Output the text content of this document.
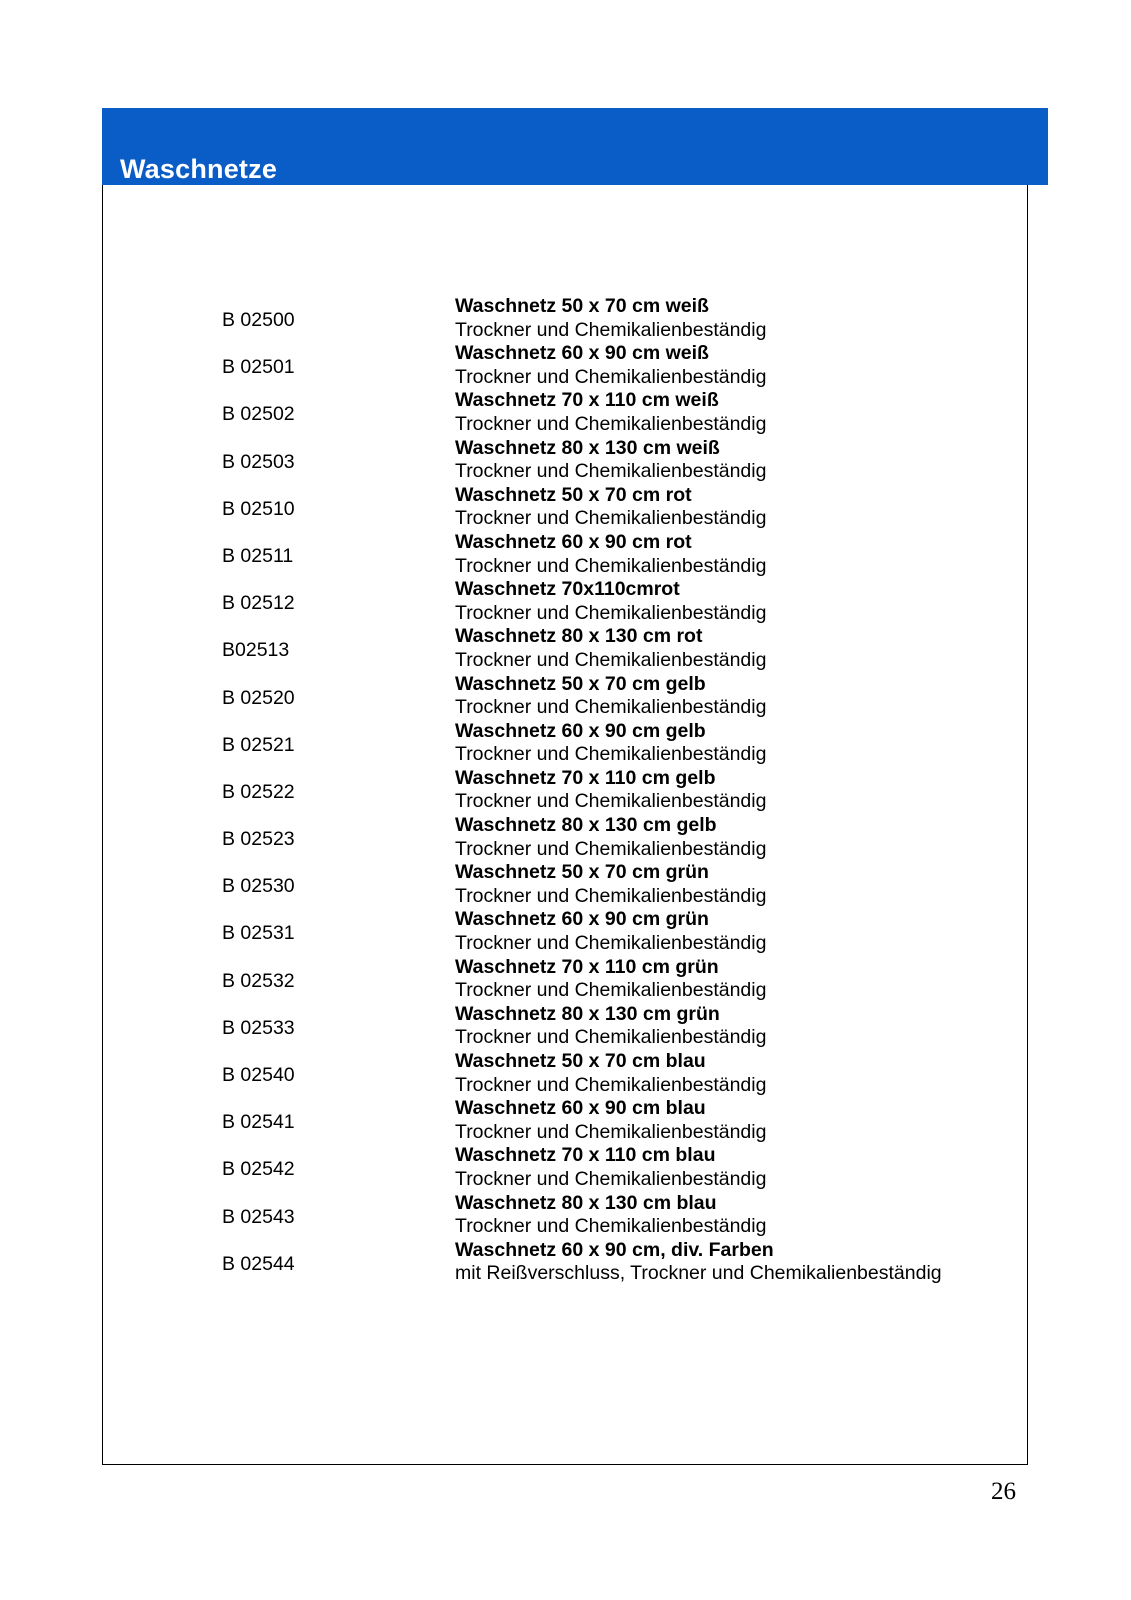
B 02500
Waschnetz 50 x 70 cm weiß
Trockner und Chemikalienbeständig
B 02501
Waschnetz 60 x 90 cm weiß
Trockner und Chemikalienbeständig
B 02502
Waschnetz 70 x 110 cm weiß
Trockner und Chemikalienbeständig
B 02503
Waschnetz 80 x 130 cm weiß
Trockner und Chemikalienbeständig
B 02510
Waschnetz 50 x 70 cm rot
Trockner und Chemikalienbeständig
B 02511
Waschnetz 60 x 90 cm rot
Trockner und Chemikalienbeständig
B 02512
Waschnetz 70x110cmrot
Trockner und Chemikalienbeständig
B02513
Waschnetz 80 x 130 cm rot
Trockner und Chemikalienbeständig
B 02520
Waschnetz 50 x 70 cm gelb
Trockner und Chemikalienbeständig
B 02521
Waschnetz 60 x 90 cm gelb
Trockner und Chemikalienbeständig
B 02522
Waschnetz 70 x 110 cm gelb
Trockner und Chemikalienbeständig
B 02523
Waschnetz 80 x 130 cm gelb
Trockner und Chemikalienbeständig
B 02530
Waschnetz 50 x 70 cm grün
Trockner und Chemikalienbeständig
B 02531
Waschnetz 60 x 90 cm grün
Trockner und Chemikalienbeständig
B 02532
Waschnetz 70 x 110 cm grün
Trockner und Chemikalienbeständig
B 02533
Waschnetz 80 x 130 cm grün
Trockner und Chemikalienbeständig
B 02540
Waschnetz 50 x 70 cm blau
Trockner und Chemikalienbeständig
B 02541
Waschnetz 60 x 90 cm blau
Trockner und Chemikalienbeständig
B 02542
Waschnetz 70 x 110 cm blau
Trockner und Chemikalienbeständig
B 02543
Waschnetz 80 x 130 cm blau
Trockner und Chemikalienbeständig
B 02544
Waschnetz 60 x 90 cm, div. Farben
mit Reißverschluss, Trockner und Chemikalienbeständig
Waschnetze
26
